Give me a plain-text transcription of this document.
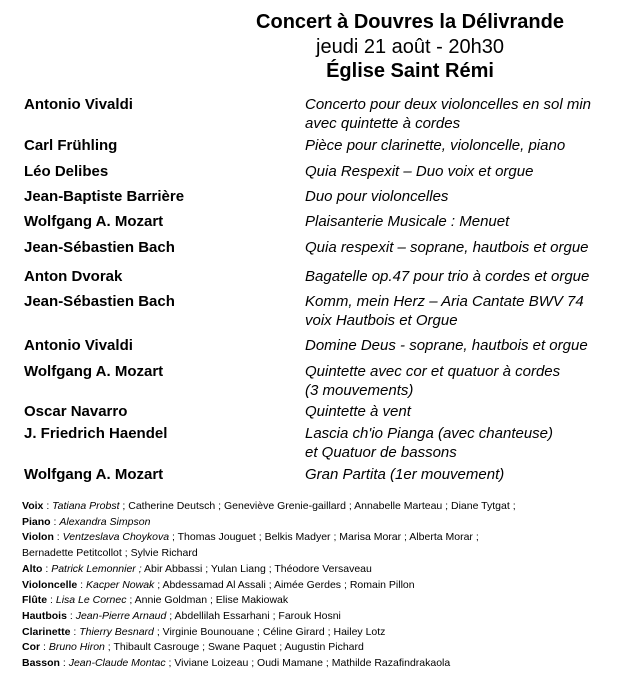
Concert à Douvres la Délivrande
jeudi 21 août - 20h30
Église Saint Rémi
Antonio Vivaldi	Concerto pour deux violoncelles en sol min
avec quintette à cordes
Carl Frühling	Pièce pour clarinette, violoncelle, piano
Léo Delibes	Quia Respexit – Duo voix et orgue
Jean-Baptiste Barrière	Duo pour violoncelles
Wolfgang A. Mozart	Plaisanterie Musicale : Menuet
Jean-Sébastien Bach	Quia respexit – soprane, hautbois et orgue
Anton Dvorak	Bagatelle op.47 pour trio à cordes et orgue
Jean-Sébastien Bach	Komm, mein Herz – Aria Cantate BWV 74
voix Hautbois et Orgue
Antonio Vivaldi	Domine Deus - soprane, hautbois et orgue
Wolfgang A. Mozart	Quintette avec cor et quatuor à cordes
(3 mouvements)
Oscar Navarro	Quintette à vent
J. Friedrich Haendel	Lascia ch'io Pianga (avec chanteuse)
et Quatuor de bassons
Wolfgang A. Mozart	Gran Partita (1er mouvement)
Voix : Tatiana Probst ; Catherine Deutsch ; Geneviève Grenie-gaillard ; Annabelle Marteau ; Diane Tytgat ;
Piano : Alexandra Simpson
Violon : Ventzeslava Choykova ; Thomas Jouguet ; Belkis Madyer ; Marisa Morar ; Alberta Morar ;
Bernadette Petitcollot ; Sylvie Richard
Alto : Patrick Lemonnier ; Abir Abbassi ; Yulan Liang ; Théodore Versaveau
Violoncelle : Kacper Nowak ; Abdessamad Al Assali ; Aimée Gerdes ; Romain Pillon
Flûte : Lisa Le Cornec ; Annie Goldman ; Elise Makiowak
Hautbois : Jean-Pierre Arnaud ; Abdellilah Essarhani ; Farouk Hosni
Clarinette : Thierry Besnard ; Virginie Bounouane ; Céline Girard ; Hailey Lotz
Cor : Bruno Hiron ; Thibault Casrouge ; Swane Paquet ; Augustin Pichard
Basson : Jean-Claude Montac ; Viviane Loizeau ; Oudi Mamane ; Mathilde Razafindrakaola
